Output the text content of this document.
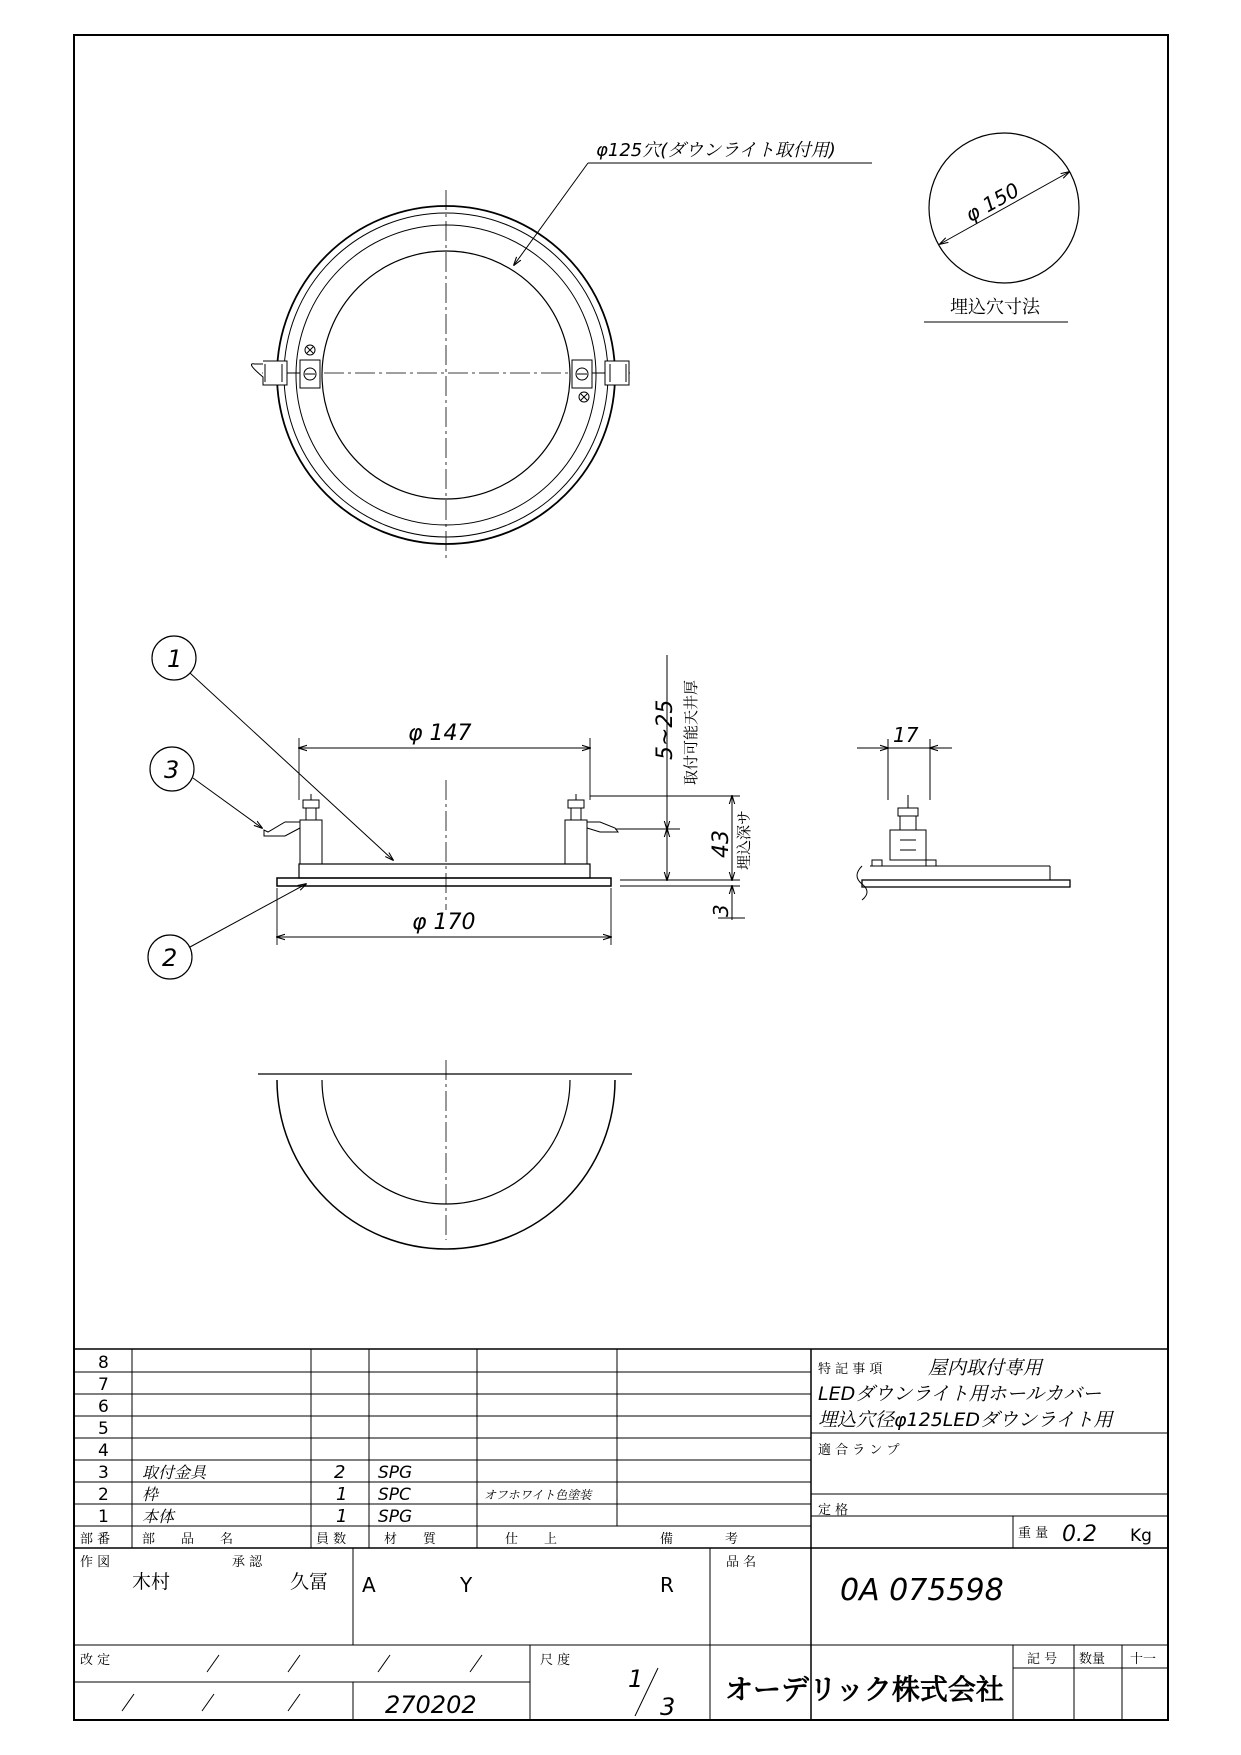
φ125穴(ダウンライト取付用)
φ 150
埋込穴寸法
φ 147
φ 170
5~25 取付可能天井厚
43 埋込深サ
3
1
3
2
17
8
7
6
5
4
3 取付金具	2 SPG
2 枠	1 SPC	オフホワイト色塗装
1 本体	1 SPG
部 番 部　　品　　名	員 数	材　　質	仕　　上	備　　　　考
特 記 事 項 屋内取付専用
LEDダウンライト用ホールカバー
埋込穴径φ125LEDダウンライト用
適 合 ラ ン プ
定 格
重 量 0.2 Kg
作 図
木村
承 認
久冨 A	Y	R
品 名
0A 075598
改 定
270202
尺 度
1
3
オーデリック株式会社
記 号 数量 十一
